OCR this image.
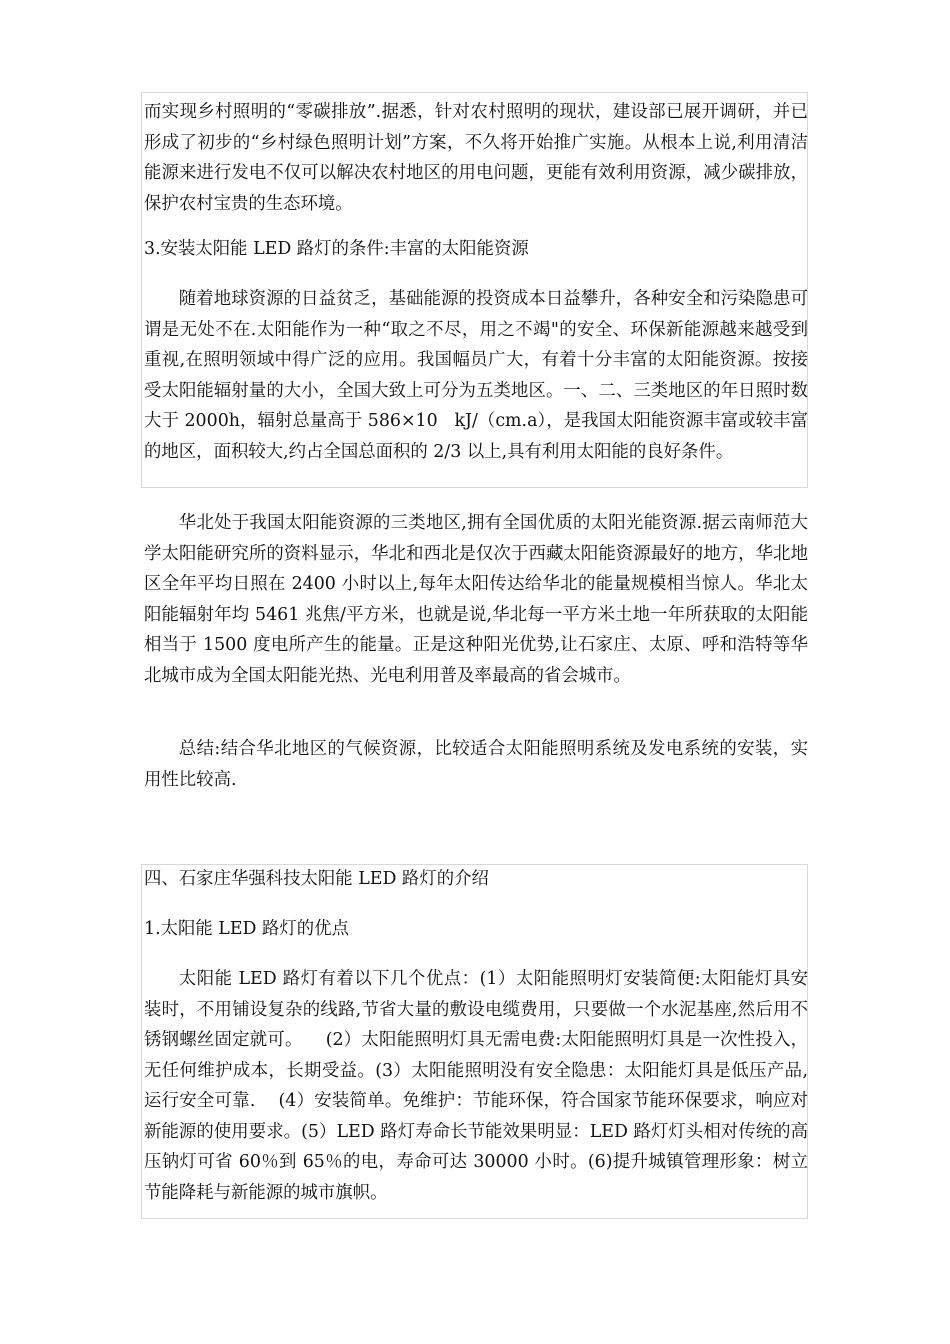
而实现乡村照明的“零碳排放”.据悉，针对农村照明的现状，建设部已展开调研，并已形成了初步的“乡村绿色照明计划”方案，不久将开始推广实施。从根本上说,利用清洁能源来进行发电不仅可以解决农村地区的用电问题，更能有效利用资源，减少碳排放，保护农村宝贵的生态环境。

3.安装太阳能 LED 路灯的条件:丰富的太阳能资源

随着地球资源的日益贫乏，基础能源的投资成本日益攀升，各种安全和污染隐患可谓是无处不在.太阳能作为一种“取之不尽，用之不竭"的安全、环保新能源越来越受到重视,在照明领域中得广泛的应用。我国幅员广大，有着十分丰富的太阳能资源。按接受太阳能辐射量的大小，全国大致上可分为五类地区。一、二、三类地区的年日照时数大于 2000h，辐射总量高于 586×10   kJ/（cm.a），是我国太阳能资源丰富或较丰富的地区，面积较大,约占全国总面积的 2/3 以上,具有利用太阳能的良好条件。

华北处于我国太阳能资源的三类地区,拥有全国优质的太阳光能资源.据云南师范大学太阳能研究所的资料显示，华北和西北是仅次于西藏太阳能资源最好的地方，华北地区全年平均日照在 2400 小时以上,每年太阳传达给华北的能量规模相当惊人。华北太阳能辐射年均 5461 兆焦/平方米，也就是说,华北每一平方米土地一年所获取的太阳能相当于 1500 度电所产生的能量。正是这种阳光优势,让石家庄、太原、呼和浩特等华北城市成为全国太阳能光热、光电利用普及率最高的省会城市。

总结:结合华北地区的气候资源，比较适合太阳能照明系统及发电系统的安装，实用性比较高.

四、石家庄华强科技太阳能 LED 路灯的介绍

1.太阳能 LED 路灯的优点

太阳能 LED 路灯有着以下几个优点：(1）太阳能照明灯安装简便:太阳能灯具安装时，不用铺设复杂的线路,节省大量的敷设电缆费用，只要做一个水泥基座,然后用不锈钢螺丝固定就可。    (2）太阳能照明灯具无需电费:太阳能照明灯具是一次性投入，无任何维护成本，长期受益。(3）太阳能照明没有安全隐患：太阳能灯具是低压产品,运行安全可靠.    (4）安装简单。免维护：节能环保，符合国家节能环保要求，响应对新能源的使用要求。(5）LED 路灯寿命长节能效果明显：LED 路灯灯头相对传统的高压钠灯可省 60％到 65％的电，寿命可达 30000 小时。(6)提升城镇管理形象：树立节能降耗与新能源的城市旗帜。
